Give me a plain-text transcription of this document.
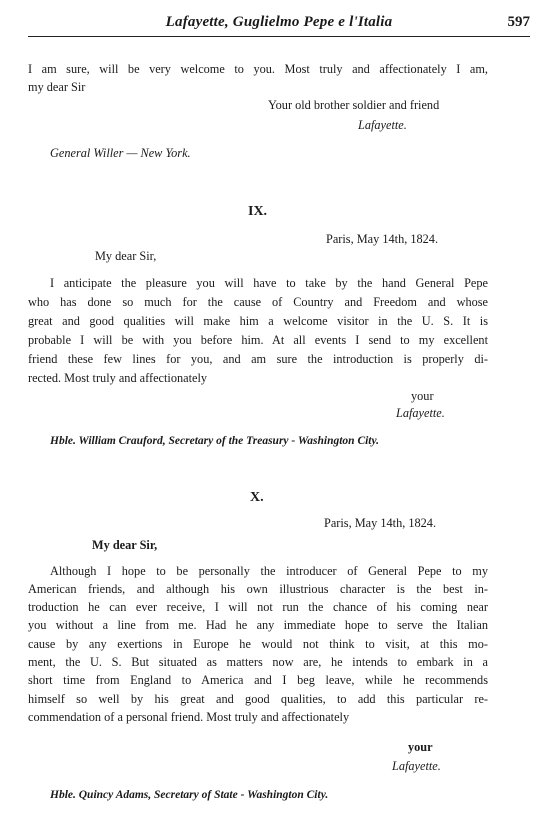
Lafayette, Guglielmo Pepe e l'Italia	597
I am sure, will be very welcome to you. Most truly and affectionately I am,
my dear Sir
Your old brother soldier and friend
Lafayette.
General Willer — New York.
IX.
Paris, May 14th, 1824.
My dear Sir,
I anticipate the pleasure you will have to take by the hand General Pepe
who has done so much for the cause of Country and Freedom and whose
great and good qualities will make him a welcome visitor in the U. S. It is
probable I will be with you before him. At all events I send to my excellent
friend these few lines for you, and am sure the introduction is properly di-
rected. Most truly and affectionately
your
Lafayette.
Hble. William Crauford, Secretary of the Treasury - Washington City.
X.
Paris, May 14th, 1824.
My dear Sir,
Although I hope to be personally the introducer of General Pepe to my
American friends, and although his own illustrious character is the best in-
troduction he can ever receive, I will not run the chance of his coming near
you without a line from me. Had he any immediate hope to serve the Italian
cause by any exertions in Europe he would not think to visit, at this mo-
ment, the U. S. But situated as matters now are, he intends to embark in a
short time from England to America and I beg leave, while he recommends
himself so well by his great and good qualities, to add this particular re-
commendation of a personal friend. Most truly and affectionately
your
Lafayette.
Hble. Quincy Adams, Secretary of State - Washington City.
